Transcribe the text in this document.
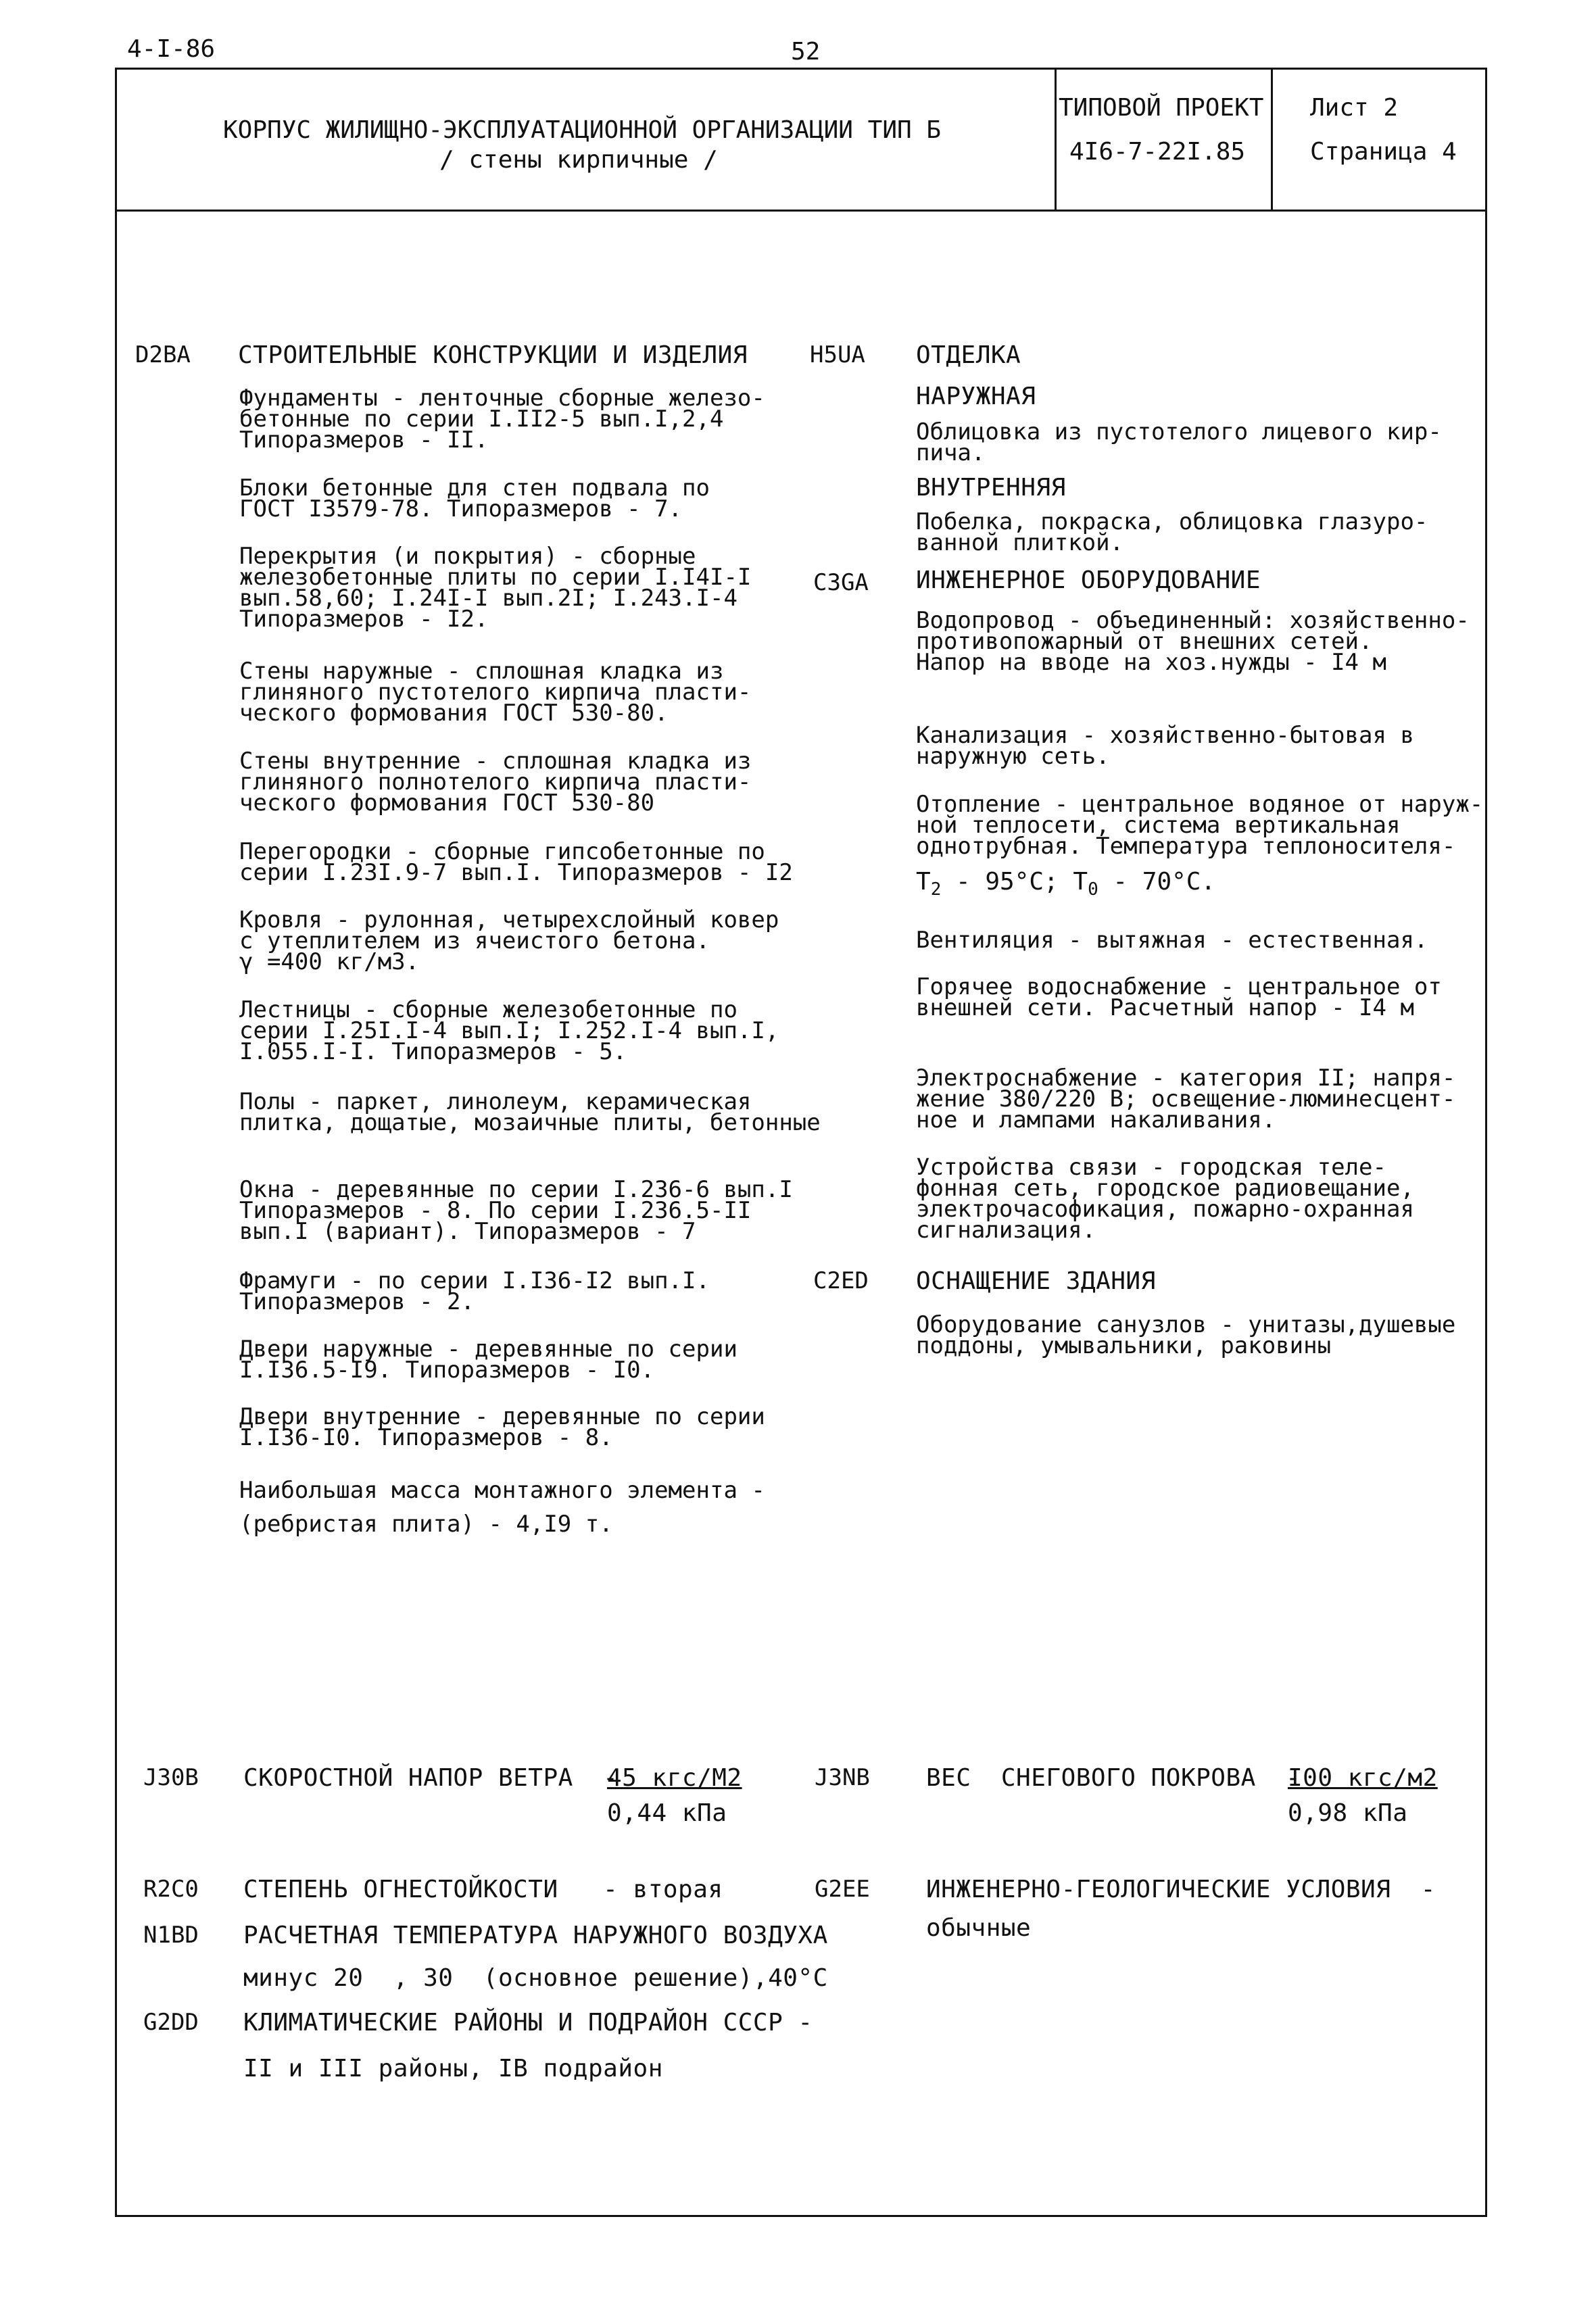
4-I-86	52
КОРПУС ЖИЛИЩНО-ЭКСПЛУАТАЦИОННОЙ ОРГАНИЗАЦИИ ТИП Б
/ стены кирпичные /
ТИПОВОЙ ПРОЕКТ
4I6-7-22I.85
Лист 2
Страница 4
D2BA СТРОИТЕЛЬНЫЕ КОНСТРУКЦИИ И ИЗДЕЛИЯ
Фундаменты - ленточные сборные железо-
бетонные по серии I.II2-5 вып.I,2,4
Типоразмеров - II.
Блоки бетонные для стен подвала по
ГОСТ I3579-78. Типоразмеров - 7.
Перекрытия (и покрытия) - сборные
железобетонные плиты по серии I.I4I-I
вып.58,60; I.24I-I вып.2I; I.243.I-4
Типоразмеров - I2.
Стены наружные - сплошная кладка из
глиняного пустотелого кирпича пласти-
ческого формования ГОСТ 530-80.
Стены внутренние - сплошная кладка из
глиняного полнотелого кирпича пласти-
ческого формования ГОСТ 530-80
Перегородки - сборные гипсобетонные по
серии I.23I.9-7 вып.I. Типоразмеров - I2
Кровля - рулонная, четырехслойный ковер
с утеплителем из ячеистого бетона.
γ =400 кг/м3.
Лестницы - сборные железобетонные по
серии I.25I.I-4 вып.I; I.252.I-4 вып.I,
I.055.I-I. Типоразмеров - 5.
Полы - паркет, линолеум, керамическая
плитка, дощатые, мозаичные плиты, бетонные
Окна - деревянные по серии I.236-6 вып.I
Типоразмеров - 8. По серии I.236.5-II
вып.I (вариант). Типоразмеров - 7
Фрамуги - по серии I.I36-I2 вып.I.
Типоразмеров - 2.
Двери наружные - деревянные по серии
I.I36.5-I9. Типоразмеров - I0.
Двери внутренние - деревянные по серии
I.I36-I0. Типоразмеров - 8.
Наибольшая масса монтажного элемента -
(ребристая плита) - 4,I9 т.
H5UA ОТДЕЛКА
НАРУЖНАЯ
Облицовка из пустотелого лицевого кир-
пича.
ВНУТРЕННЯЯ
Побелка, покраска, облицовка глазуро-
ванной плиткой.
C3GA ИНЖЕНЕРНОЕ ОБОРУДОВАНИЕ
Водопровод - объединенный: хозяйственно-
противопожарный от внешних сетей.
Напор на вводе на хоз.нужды - I4 м
Канализация - хозяйственно-бытовая в
наружную сеть.
Отопление - центральное водяное от наруж-
ной теплосети, система вертикальная
однотрубная. Температура теплоносителя-
$T_2 - 95^\circ C$; $T_0 - 70^\circ C$.
Вентиляция - вытяжная - естественная.
Горячее водоснабжение - центральное от
внешней сети. Расчетный напор - I4 м
Электроснабжение - категория II; напря-
жение 380/220 В; освещение-люминесцент-
ное и лампами накаливания.
Устройства связи - городская теле-
фонная сеть, городское радиовещание,
электрочасофикация, пожарно-охранная
сигнализация.
C2ED ОСНАЩЕНИЕ ЗДАНИЯ
Оборудование санузлов - унитазы,душевые
поддоны, умывальники, раковины
J30B СКОРОСТНОЙ НАПОР ВЕТРА  -
45 кгс/М2
0,44 кПа
J3NB ВЕС  СНЕГОВОГО ПОКРОВА  -
I00 кгс/м2
0,98 кПа
R2C0 СТЕПЕНЬ ОГНЕСТОЙКОСТИ   - вторая	G2EE ИНЖЕНЕРНО-ГЕОЛОГИЧЕСКИЕ УСЛОВИЯ  -
обычные
N1BD РАСЧЕТНАЯ ТЕМПЕРАТУРА НАРУЖНОГО ВОЗДУХА
минус 20  , 30  (основное решение),40°C
G2DD КЛИМАТИЧЕСКИЕ РАЙОНЫ И ПОДРАЙОН СССР -
II и III районы, IB подрайон
